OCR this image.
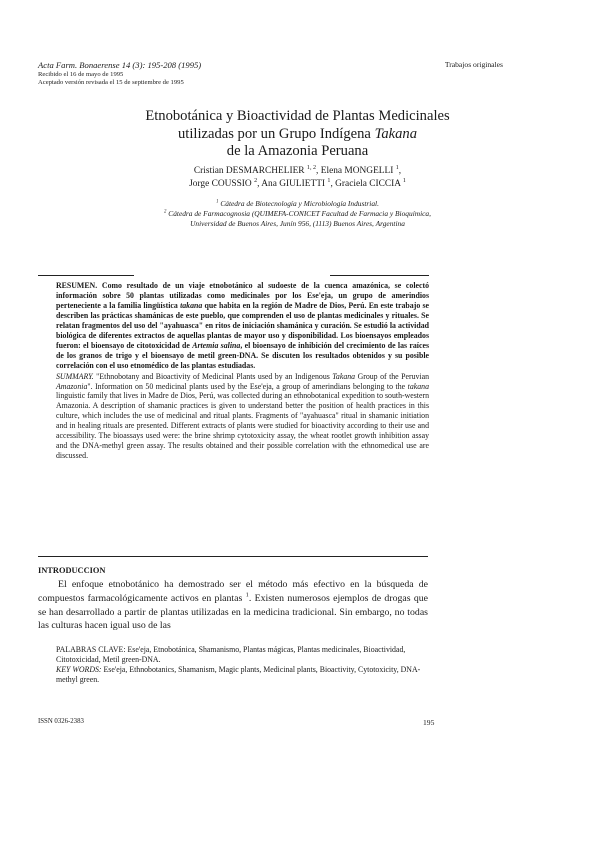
Acta Farm. Bonaerense 14 (3): 195-208 (1995)	Trabajos originales
Recibido el 16 de mayo de 1995
Aceptado versión revisada el 15 de septiembre de 1995
Etnobotánica y Bioactividad de Plantas Medicinales
utilizadas por un Grupo Indígena Takana
de la Amazonia Peruana
Cristian DESMARCHELIER $^{1, 2}$, Elena MONGELLI $^1$,
Jorge COUSSIO $^2$, Ana GIULIETTI $^1$, Graciela CICCIA $^1$
$^1$ Cátedra de Biotecnología y Microbiología Industrial.
$^2$ Cátedra de Farmacognosia (QUIMEFA-CONICET Facultad de Farmacia y Bioquímica,
Universidad de Buenos Aires, Junín 956, (1113) Buenos Aires, Argentina

RESUMEN. Como resultado de un viaje etnobotánico al sudoeste de la cuenca amazónica, se colectó información sobre 50 plantas utilizadas como medicinales por los Ese'eja, un grupo de amerindios perteneciente a la familia lingüística takana que habita en la región de Madre de Dios, Perú. En este trabajo se describen las prácticas shamánicas de este pueblo, que comprenden el uso de plantas medicinales y rituales. Se relatan fragmentos del uso del "ayahuasca" en ritos de iniciación shamánica y curación. Se estudió la actividad biológica de diferentes extractos de aquellas plantas de mayor uso y disponibilidad. Los bioensayos empleados fueron: el bioensayo de citotoxicidad de Artemia salina, el bioensayo de inhibición del crecimiento de las raíces de los granos de trigo y el bioensayo de metil green-DNA. Se discuten los resultados obtenidos y su posible correlación con el uso etnomédico de las plantas estudiadas.

SUMMARY. "Ethnobotany and Bioactivity of Medicinal Plants used by an Indigenous Takana Group of the Peruvian Amazonia". Information on 50 medicinal plants used by the Ese'eja, a group of amerindians belonging to the takana linguistic family that lives in Madre de Dios, Perú, was collected during an ethnobotanical expedition to south-western Amazonia. A description of shamanic practices is given to understand better the position of health practices in this culture, which includes the use of medicinal and ritual plants. Fragments of "ayahuasca" ritual in shamanic initiation and in healing rituals are presented. Different extracts of plants were studied for bioactivity according to their use and accessibility. The bioassays used were: the brine shrimp cytotoxicity assay, the wheat rootlet growth inhibition assay and the DNA-methyl green assay. The results obtained and their possible correlation with the ethnomedical use are discussed.

INTRODUCCION

El enfoque etnobotánico ha demostrado ser el método más efectivo en la búsqueda de compuestos farmacológicamente activos en plantas $^1$. Existen numerosos ejemplos de drogas que se han desarrollado a partir de plantas utilizadas en la medicina tradicional. Sin embargo, no todas las culturas hacen igual uso de las

PALABRAS CLAVE: Ese'eja, Etnobotánica, Shamanismo, Plantas mágicas, Plantas medicinales, Bioactividad, Citotoxicidad, Metil green-DNA.

KEY WORDS: Ese'eja, Ethnobotanics, Shamanism, Magic plants, Medicinal plants, Bioactivity, Cytotoxicity, DNA-methyl green.

ISSN 0326-2383	195
